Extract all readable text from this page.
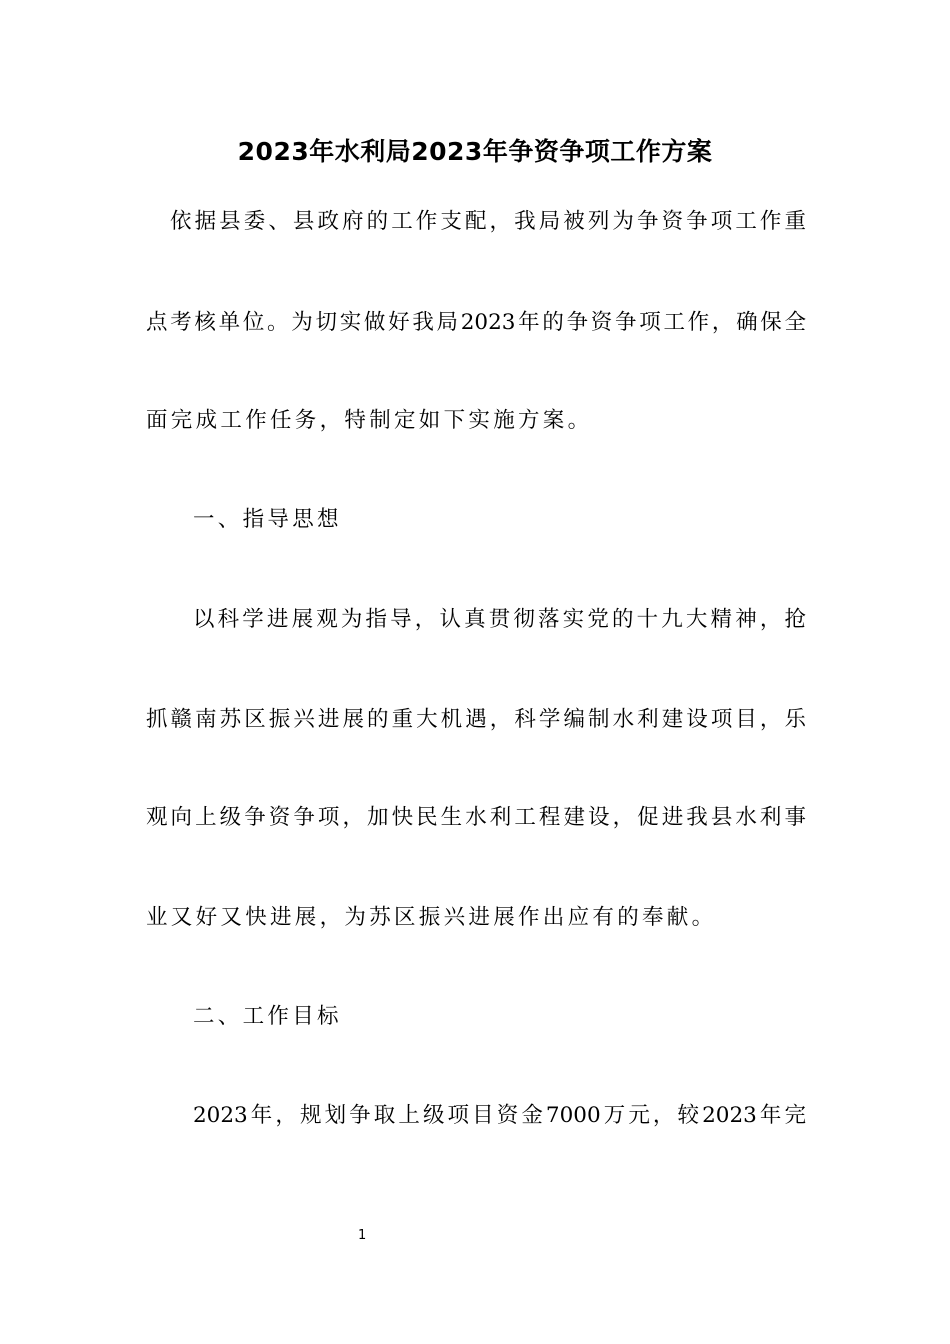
2023年水利局2023年争资争项工作方案

依据县委、县政府的工作支配，我局被列为争资争项工作重

点考核单位。为切实做好我局2023年的争资争项工作，确保全

面完成工作任务，特制定如下实施方案。

一、指导思想

以科学进展观为指导，认真贯彻落实党的十九大精神，抢

抓赣南苏区振兴进展的重大机遇，科学编制水利建设项目，乐

观向上级争资争项，加快民生水利工程建设，促进我县水利事

业又好又快进展，为苏区振兴进展作出应有的奉献。

二、工作目标

2023年，规划争取上级项目资金7000万元，较2023年完

1
